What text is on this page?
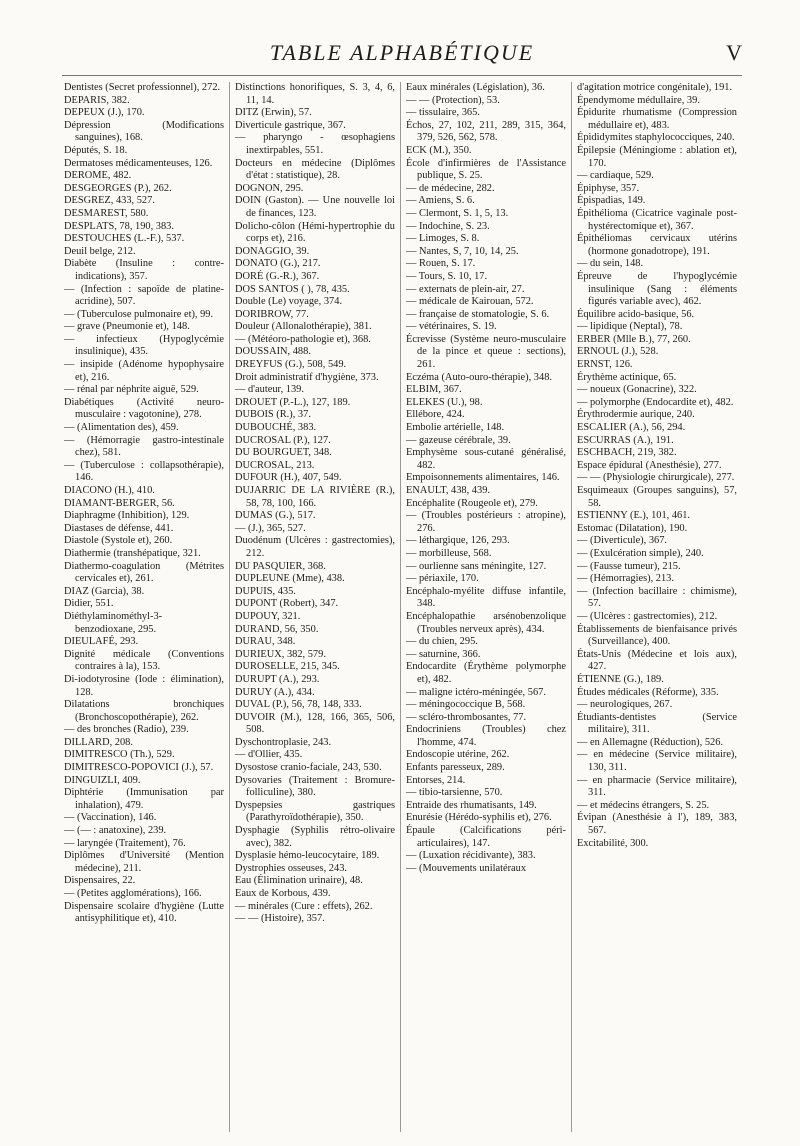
TABLE ALPHABÉTIQUE	V
Dentistes (Secret professionnel), 272.
DEPARIS, 382.
DEPEUX (J.), 170.
Dépression (Modifications sanguines), 168.
Députés, S. 18.
Dermatoses médicamenteuses, 126.
DEROME, 482.
DESGEORGES (P.), 262.
DESGREZ, 433, 527.
DESMAREST, 580.
DESPLATS, 78, 190, 383.
DESTOUCHES (L.-F.), 537.
Deuil belge, 212.
Diabète (Insuline : contre-indications), 357.
— (Infection : sapoïde de platine-acridine), 507.
— (Tuberculose pulmonaire et), 99.
— grave (Pneumonie et), 148.
— infectieux (Hypoglycémie insulinique), 435.
— insipide (Adénome hypophysaire et), 216.
— rénal par néphrite aiguë, 529.
Diabétiques (Activité neuro-musculaire : vagotonine), 278.
— (Alimentation des), 459.
— (Hémorragie gastro-intestinale chez), 581.
— (Tuberculose : collapsothérapie), 146.
DIACONO (H.), 410.
DIAMANT-BERGER, 56.
Diaphragme (Inhibition), 129.
Diastases de défense, 441.
Diastole (Systole et), 260.
Diathermie (transhépatique, 321.
Diathermo-coagulation (Métrites cervicales et), 261.
DIAZ (Garcia), 38.
Didier, 551.
Diéthylaminométhyl-3- benzodioxane, 295.
DIEULAFÉ, 293.
Dignité médicale (Conventions contraires à la), 153.
Di-iodotyrosine (Iode : élimination), 128.
Dilatations bronchiques (Bronchoscopothérapie), 262.
— des bronches (Radio), 239.
DILLARD, 208.
DIMITRESCO (Th.), 529.
DIMITRESCO-POPOVICI (J.), 57.
DINGUIZLI, 409.
Diphtérie (Immunisation par inhalation), 479.
— (Vaccination), 146.
— (— : anatoxine), 239.
— laryngée (Traitement), 76.
Diplômes d'Université (Mention médecine), 211.
Dispensaires, 22.
— (Petites agglomérations), 166.
Dispensaire scolaire d'hygiène (Lutte antisyphilitique et), 410.
Distinctions honorifiques, S. 3, 4, 6, 11, 14.
DITZ (Erwin), 57.
Diverticule gastrique, 367.
— pharyngo - œsophagiens inextirpables, 551.
Docteurs en médecine (Diplômes d'état : statistique), 28.
DOGNON, 295.
DOIN (Gaston). — Une nouvelle loi de finances, 123.
Dolicho-côlon (Hémi-hypertrophie du corps et), 216.
DONAGGIO, 39.
DONATO (G.), 217.
DORÉ (G.-R.), 367.
DOS SANTOS ( ), 78, 435.
Double (Le) voyage, 374.
DORIBROW, 77.
Douleur (Allonalothérapie), 381.
— (Météoro-pathologie et), 368.
DOUSSAIN, 488.
DREYFUS (G.), 508, 549.
Droit administratif d'hygiène, 373.
— d'auteur, 139.
DROUET (P.-L.), 127, 189.
DUBOIS (R.), 37.
DUBOUCHÉ, 383.
DUCROSAL (P.), 127.
DU BOURGUET, 348.
DUCROSAL, 213.
DUFOUR (H.), 407, 549.
DUJARRIC DE LA RIVIÈRE (R.), 58, 78, 100, 166.
DUMAS (G.), 517.
— (J.), 365, 527.
Duodénum (Ulcères : gastrectomies), 212.
DU PASQUIER, 368.
DUPLEUNE (Mme), 438.
DUPUIS, 435.
DUPONT (Robert), 347.
DUPOUY, 321.
DURAND, 56, 350.
DURAU, 348.
DURIEUX, 382, 579.
DUROSELLE, 215, 345.
DURUPT (A.), 293.
DURUY (A.), 434.
DUVAL (P.), 56, 78, 148, 333.
DUVOIR (M.), 128, 166, 365, 506, 508.
Dyschontroplasie, 243.
— d'Ollier, 435.
Dysostose cranio-faciale, 243, 530.
Dysovaries (Traitement : Bromure-folliculine), 380.
Dyspepsies gastriques (Parathyroïdothérapie), 350.
Dysphagie (Syphilis rétro-olivaire avec), 382.
Dysplasie hémo-leucocytaire, 189.
Dystrophies osseuses, 243.
Eau (Élimination urinaire), 48.
Eaux de Korbous, 439.
— minérales (Cure : effets), 262.
— — (Histoire), 357.
Eaux minérales (Législation), 36.
— — (Protection), 53.
— tissulaire, 365.
Échos, 27, 102, 211, 289, 315, 364, 379, 526, 562, 578.
ECK (M.), 350.
École d'infirmières de l'Assistance publique, S. 25.
— de médecine, 282.
— Amiens, S. 6.
— Clermont, S. 1, 5, 13.
— Indochine, S. 23.
— Limoges, S. 8.
— Nantes, S, 7, 10, 14, 25.
— Rouen, S. 17.
— Tours, S. 10, 17.
— externats de plein-air, 27.
— médicale de Kairouan, 572.
— française de stomatologie, S. 6.
— vétérinaires, S. 19.
Écrevisse (Système neuro-musculaire de la pince et queue : sections), 261.
Eczéma (Auto-ouro-thérapie), 348.
ELBIM, 367.
ELEKES (U.), 98.
Ellébore, 424.
Embolie artérielle, 148.
— gazeuse cérébrale, 39.
Emphysème sous-cutané généralisé, 482.
Empoisonnements alimentaires, 146.
ENAULT, 438, 439.
Encéphalite (Rougeole et), 279.
— (Troubles postérieurs : atropine), 276.
— léthargique, 126, 293.
— morbilleuse, 568.
— ourlienne sans méningite, 127.
— périaxile, 170.
Encéphalo-myélite diffuse infantile, 348.
Encéphalopathie arsénobenzolique (Troubles nerveux après), 434.
— du chien, 295.
— saturnine, 366.
Endocardite (Érythème polymorphe et), 482.
— maligne ictéro-méningée, 567.
— méningococcique B, 568.
— scléro-thrombosantes, 77.
Endocriniens (Troubles) chez l'homme, 474.
Endoscopie utérine, 262.
Enfants paresseux, 289.
Entorses, 214.
— tibio-tarsienne, 570.
Entraide des rhumatisants, 149.
Enurésie (Hérédo-syphilis et), 276.
Épaule (Calcifications péri-articulaires), 147.
— (Luxation récidivante), 383.
— (Mouvements unilatéraux
d'agitation motrice congénitale), 191.
Épendymome médullaire, 39.
Épidurite rhumatisme (Compression médullaire et), 483.
Épididymites staphylococciques, 240.
Épilepsie (Méningiome : ablation et), 170.
— cardiaque, 529.
Épiphyse, 357.
Épispadias, 149.
Épithélioma (Cicatrice vaginale post-hystérectomique et), 367.
Épithéliomas cervicaux utérins (hormone gonadotrope), 191.
— du sein, 148.
Épreuve de l'hypoglycémie insulinique (Sang : éléments figurés variable avec), 462.
Équilibre acido-basique, 56.
— lipidique (Neptal), 78.
ERBER (Mlle B.), 77, 260.
ERNOUL (J.), 528.
ERNST, 126.
Érythème actinique, 65.
— noueux (Gonacrine), 322.
— polymorphe (Endocardite et), 482.
Érythrodermie aurique, 240.
ESCALIER (A.), 56, 294.
ESCURRAS (A.), 191.
ESCHBACH, 219, 382.
Espace épidural (Anesthésie), 277.
— — (Physiologie chirurgicale), 277.
Esquimeaux (Groupes sanguins), 57, 58.
ESTIENNY (E.), 101, 461.
Estomac (Dilatation), 190.
— (Diverticule), 367.
— (Exulcération simple), 240.
— (Fausse tumeur), 215.
— (Hémorragies), 213.
— (Infection bacillaire : chimisme), 57.
— (Ulcères : gastrectomies), 212.
Établissements de bienfaisance privés (Surveillance), 400.
États-Unis (Médecine et lois aux), 427.
ÉTIENNE (G.), 189.
Études médicales (Réforme), 335.
— neurologiques, 267.
Étudiants-dentistes (Service militaire), 311.
— en Allemagne (Réduction), 526.
— en médecine (Service militaire), 130, 311.
— en pharmacie (Service militaire), 311.
— et médecins étrangers, S. 25.
Évipan (Anesthésie à l'), 189, 383, 567.
Excitabilité, 300.
